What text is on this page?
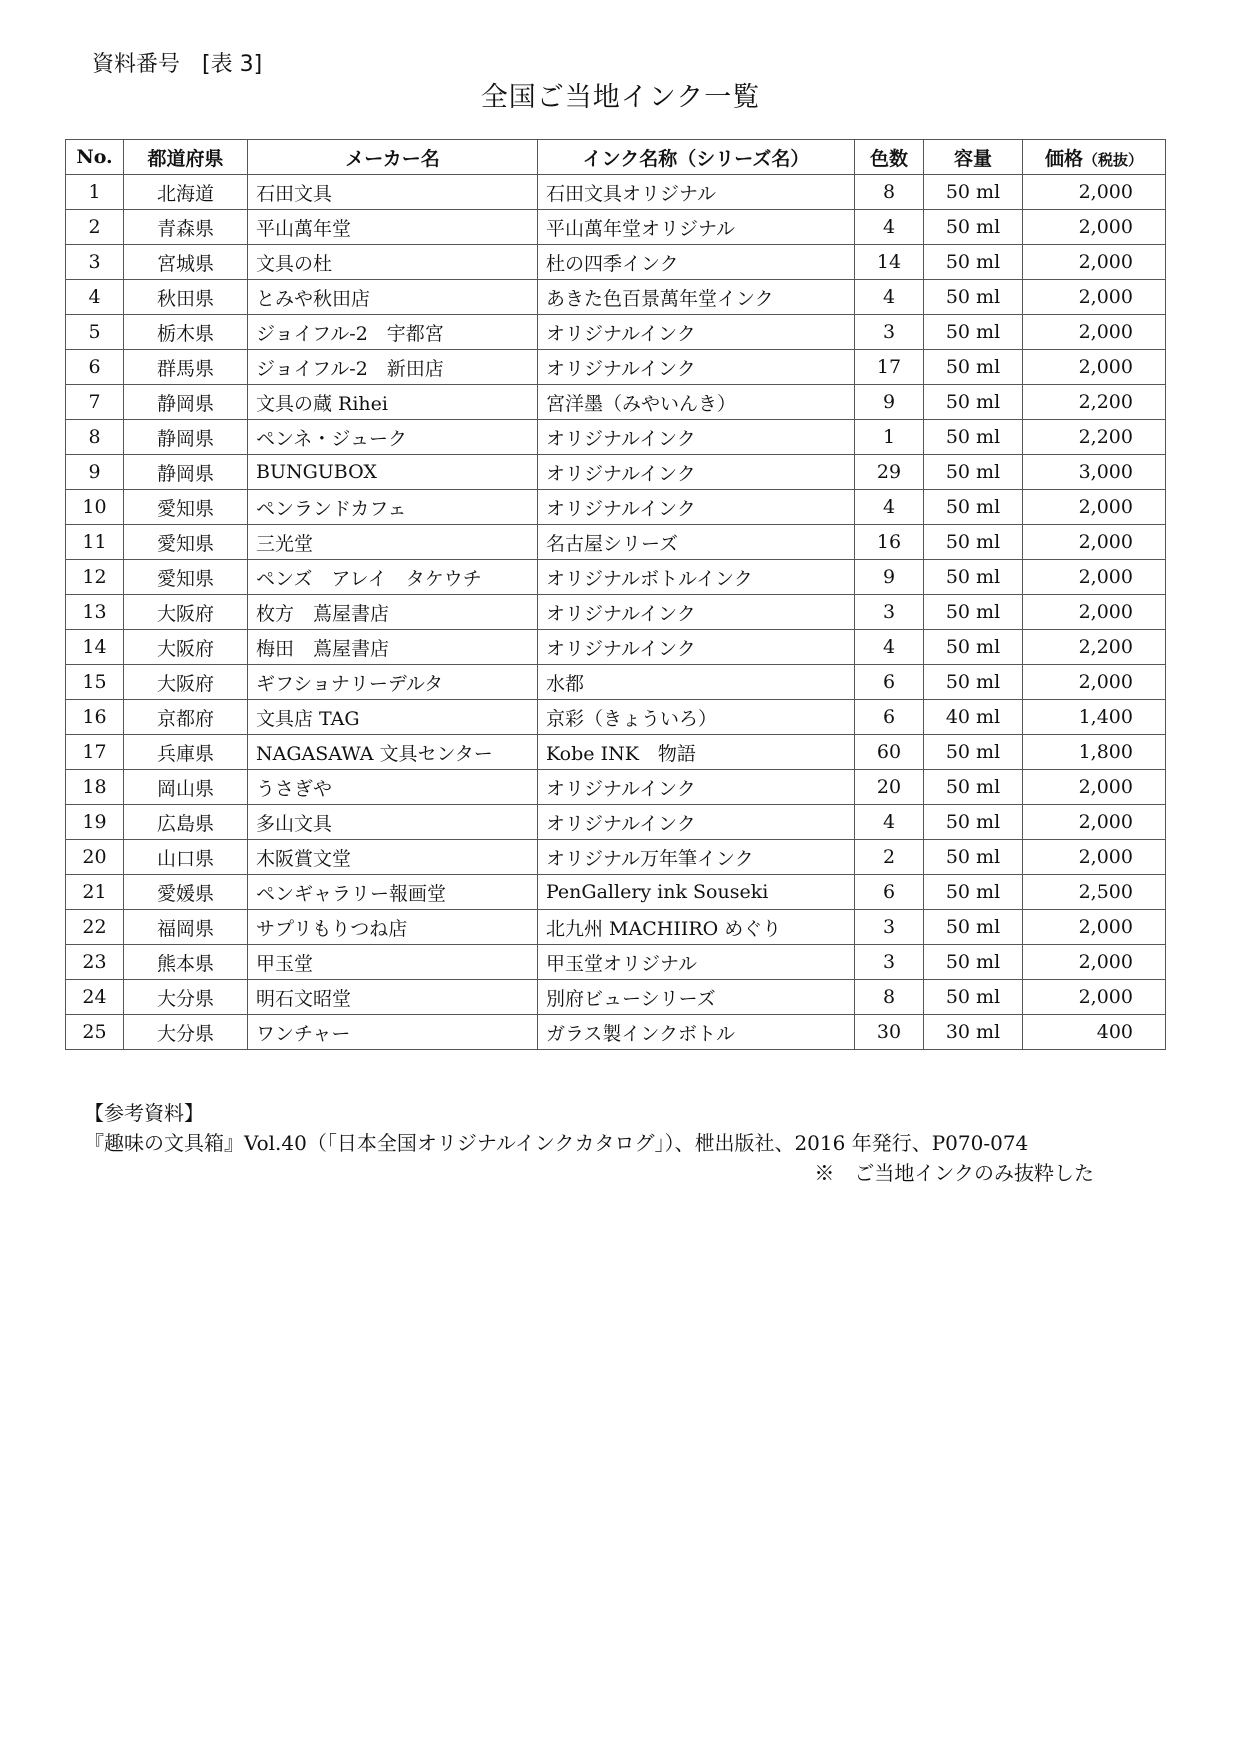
資料番号　[表 3]
全国ご当地インク一覧
No.	都道府県	メーカー名	インク名称（シリーズ名）	色数	容量	価格（税抜）
1	北海道	石田文具	石田文具オリジナル	8	50 ml	2,000
2	青森県	平山萬年堂	平山萬年堂オリジナル	4	50 ml	2,000
3	宮城県	文具の杜	杜の四季インク	14	50 ml	2,000
4	秋田県	とみや秋田店	あきた色百景萬年堂インク	4	50 ml	2,000
5	栃木県	ジョイフル-2　宇都宮	オリジナルインク	3	50 ml	2,000
6	群馬県	ジョイフル-2　新田店	オリジナルインク	17	50 ml	2,000
7	静岡県	文具の蔵 Rihei	宮洋墨（みやいんき）	9	50 ml	2,200
8	静岡県	ペンネ・ジューク	オリジナルインク	1	50 ml	2,200
9	静岡県	BUNGUBOX	オリジナルインク	29	50 ml	3,000
10	愛知県	ペンランドカフェ	オリジナルインク	4	50 ml	2,000
11	愛知県	三光堂	名古屋シリーズ	16	50 ml	2,000
12	愛知県	ペンズ　アレイ　タケウチ	オリジナルボトルインク	9	50 ml	2,000
13	大阪府	枚方　蔦屋書店	オリジナルインク	3	50 ml	2,000
14	大阪府	梅田　蔦屋書店	オリジナルインク	4	50 ml	2,200
15	大阪府	ギフショナリーデルタ	水都	6	50 ml	2,000
16	京都府	文具店 TAG	京彩（きょういろ）	6	40 ml	1,400
17	兵庫県	NAGASAWA 文具センター	Kobe INK　物語	60	50 ml	1,800
18	岡山県	うさぎや	オリジナルインク	20	50 ml	2,000
19	広島県	多山文具	オリジナルインク	4	50 ml	2,000
20	山口県	木阪賞文堂	オリジナル万年筆インク	2	50 ml	2,000
21	愛媛県	ペンギャラリー報画堂	PenGallery ink Souseki	6	50 ml	2,500
22	福岡県	サプリもりつね店	北九州 MACHIIRO めぐり	3	50 ml	2,000
23	熊本県	甲玉堂	甲玉堂オリジナル	3	50 ml	2,000
24	大分県	明石文昭堂	別府ビューシリーズ	8	50 ml	2,000
25	大分県	ワンチャー	ガラス製インクボトル	30	30 ml	400
【参考資料】
『趣味の文具箱』Vol.40（「日本全国オリジナルインクカタログ」）、枻出版社、2016 年発行、P070-074
※　ご当地インクのみ抜粋した
